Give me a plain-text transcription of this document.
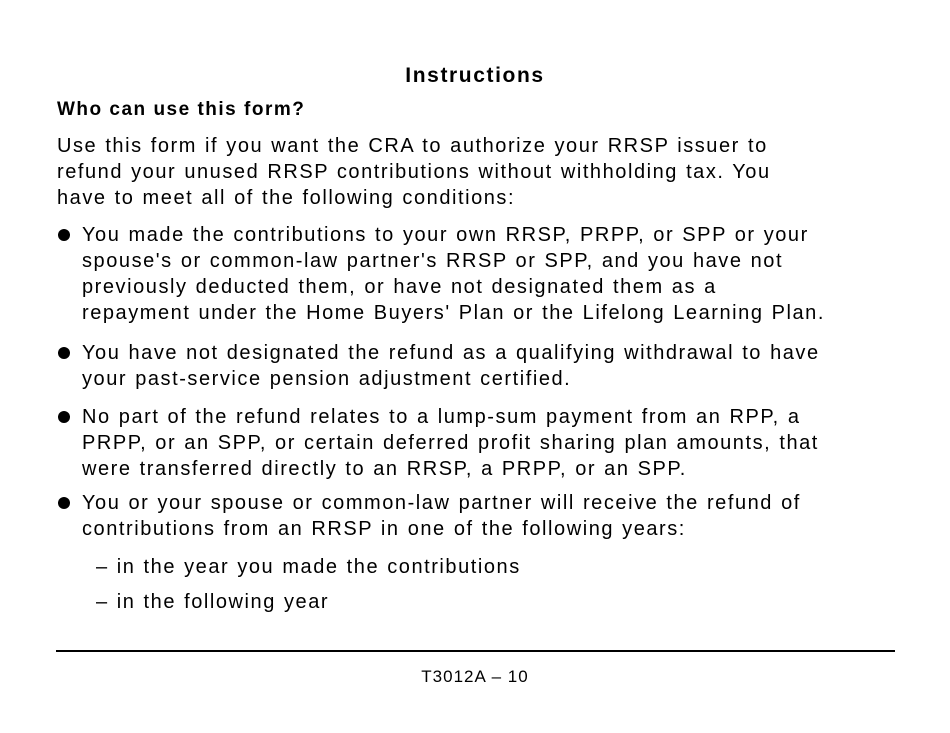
Instructions
Who can use this form?

Use this form if you want the CRA to authorize your RRSP issuer to
refund your unused RRSP contributions without withholding tax. You
have to meet all of the following conditions:

You made the contributions to your own RRSP, PRPP, or SPP or your
spouse's or common-law partner's RRSP or SPP, and you have not
previously deducted them, or have not designated them as a
repayment under the Home Buyers' Plan or the Lifelong Learning Plan.
You have not designated the refund as a qualifying withdrawal to have
your past-service pension adjustment certified.
No part of the refund relates to a lump-sum payment from an RPP, a
PRPP, or an SPP, or certain deferred profit sharing plan amounts, that
were transferred directly to an RRSP, a PRPP, or an SPP.
You or your spouse or common-law partner will receive the refund of
contributions from an RRSP in one of the following years:
– in the year you made the contributions
– in the following year
T3012A – 10
